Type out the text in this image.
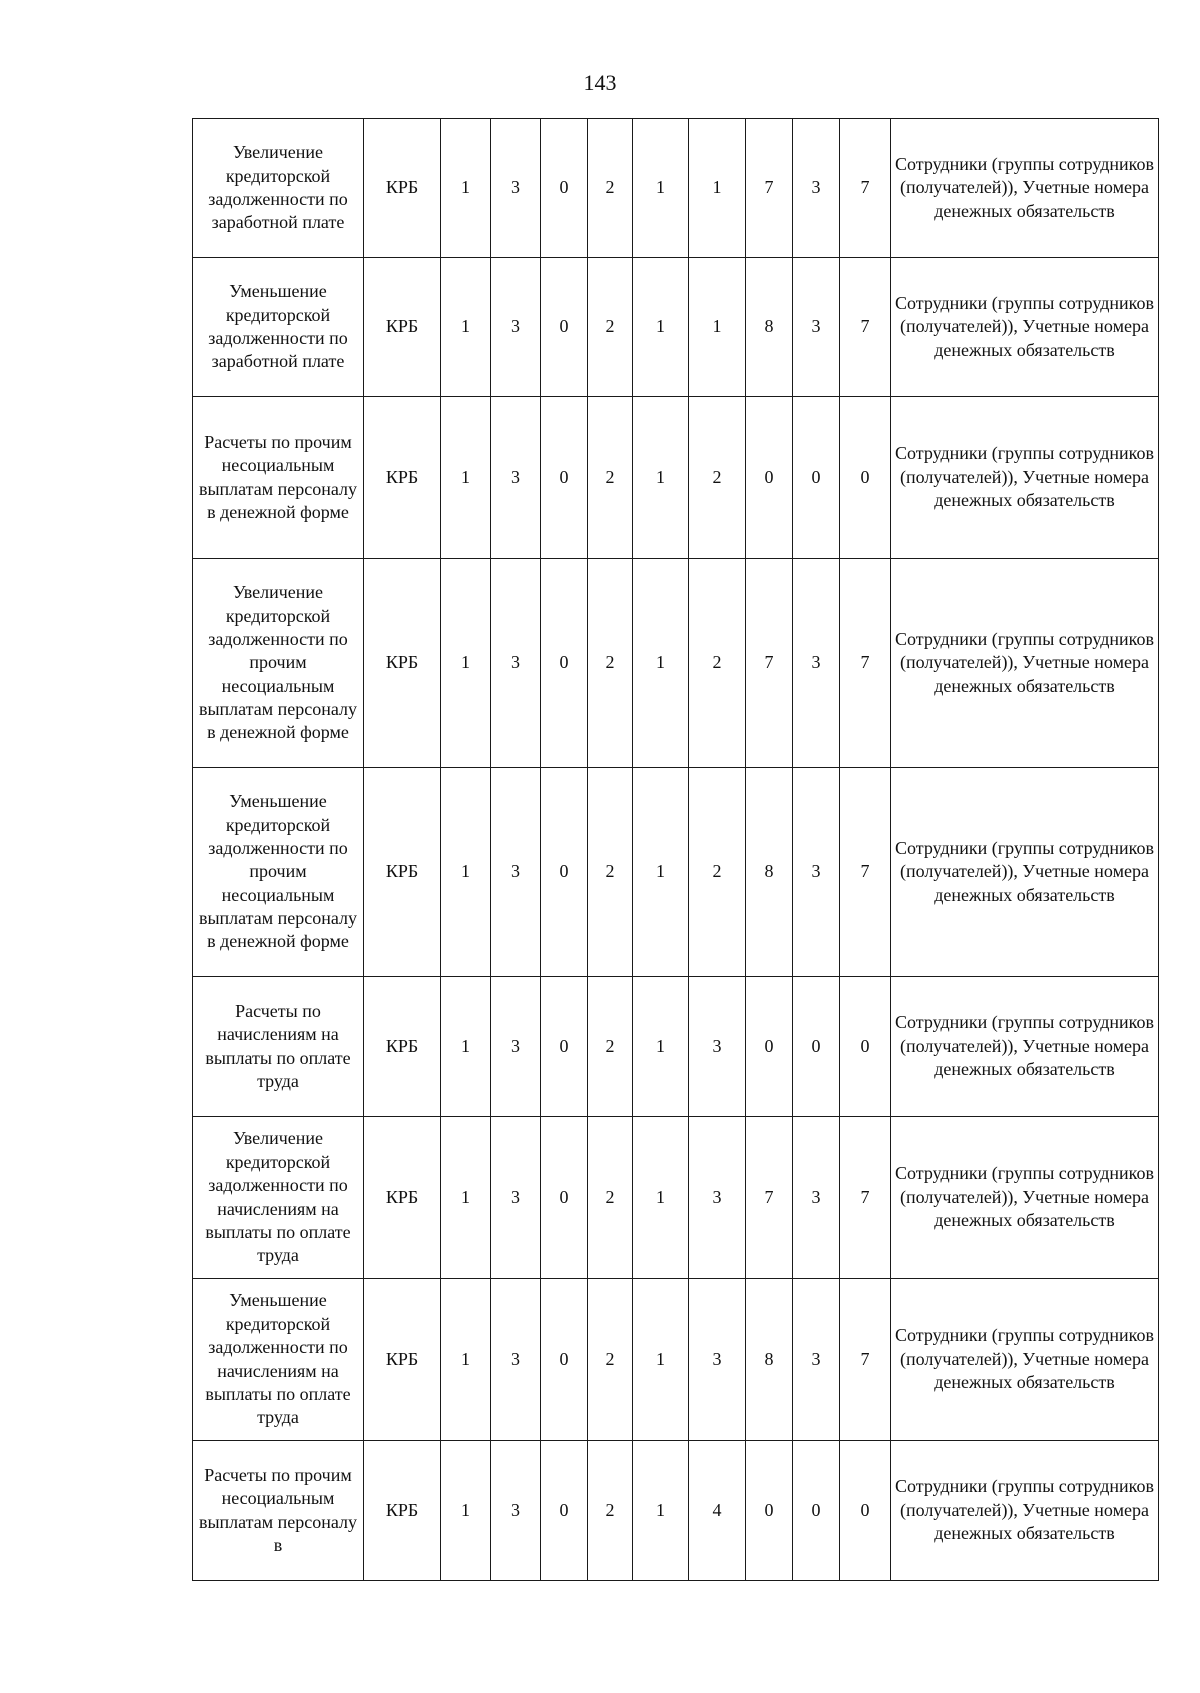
143
Увеличение кредиторской задолженности по заработной плате	КРБ	1	3	0	2	1	1	7	3	7	Сотрудники (группы сотрудников (получателей)), Учетные номера денежных обязательств
Уменьшение кредиторской задолженности по заработной плате	КРБ	1	3	0	2	1	1	8	3	7	Сотрудники (группы сотрудников (получателей)), Учетные номера денежных обязательств
Расчеты по прочим несоциальным выплатам персоналу в денежной форме	КРБ	1	3	0	2	1	2	0	0	0	Сотрудники (группы сотрудников (получателей)), Учетные номера денежных обязательств
Увеличение кредиторской задолженности по прочим несоциальным выплатам персоналу в денежной форме	КРБ	1	3	0	2	1	2	7	3	7	Сотрудники (группы сотрудников (получателей)), Учетные номера денежных обязательств
Уменьшение кредиторской задолженности по прочим несоциальным выплатам персоналу в денежной форме	КРБ	1	3	0	2	1	2	8	3	7	Сотрудники (группы сотрудников (получателей)), Учетные номера денежных обязательств
Расчеты по начислениям на выплаты по оплате труда	КРБ	1	3	0	2	1	3	0	0	0	Сотрудники (группы сотрудников (получателей)), Учетные номера денежных обязательств
Увеличение кредиторской задолженности по начислениям на выплаты по оплате труда	КРБ	1	3	0	2	1	3	7	3	7	Сотрудники (группы сотрудников (получателей)), Учетные номера денежных обязательств
Уменьшение кредиторской задолженности по начислениям на выплаты по оплате труда	КРБ	1	3	0	2	1	3	8	3	7	Сотрудники (группы сотрудников (получателей)), Учетные номера денежных обязательств
Расчеты по прочим несоциальным выплатам персоналу в	КРБ	1	3	0	2	1	4	0	0	0	Сотрудники (группы сотрудников (получателей)), Учетные номера денежных обязательств
